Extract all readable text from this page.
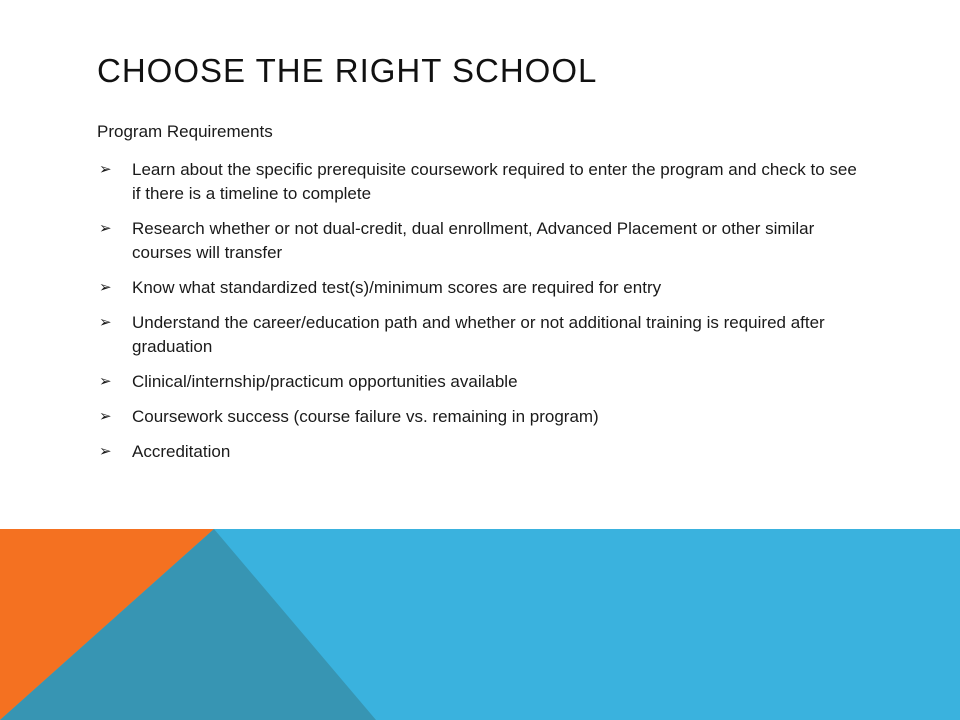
CHOOSE THE RIGHT SCHOOL

Program Requirements

➢ Learn about the specific prerequisite coursework required to enter the program and check to see if there is a timeline to complete
➢ Research whether or not dual-credit, dual enrollment, Advanced Placement or other similar courses will transfer
➢ Know what standardized test(s)/minimum scores are required for entry
➢ Understand the career/education path and whether or not additional training is required after graduation
➢ Clinical/internship/practicum opportunities available
➢ Coursework success (course failure vs. remaining in program)
➢ Accreditation
